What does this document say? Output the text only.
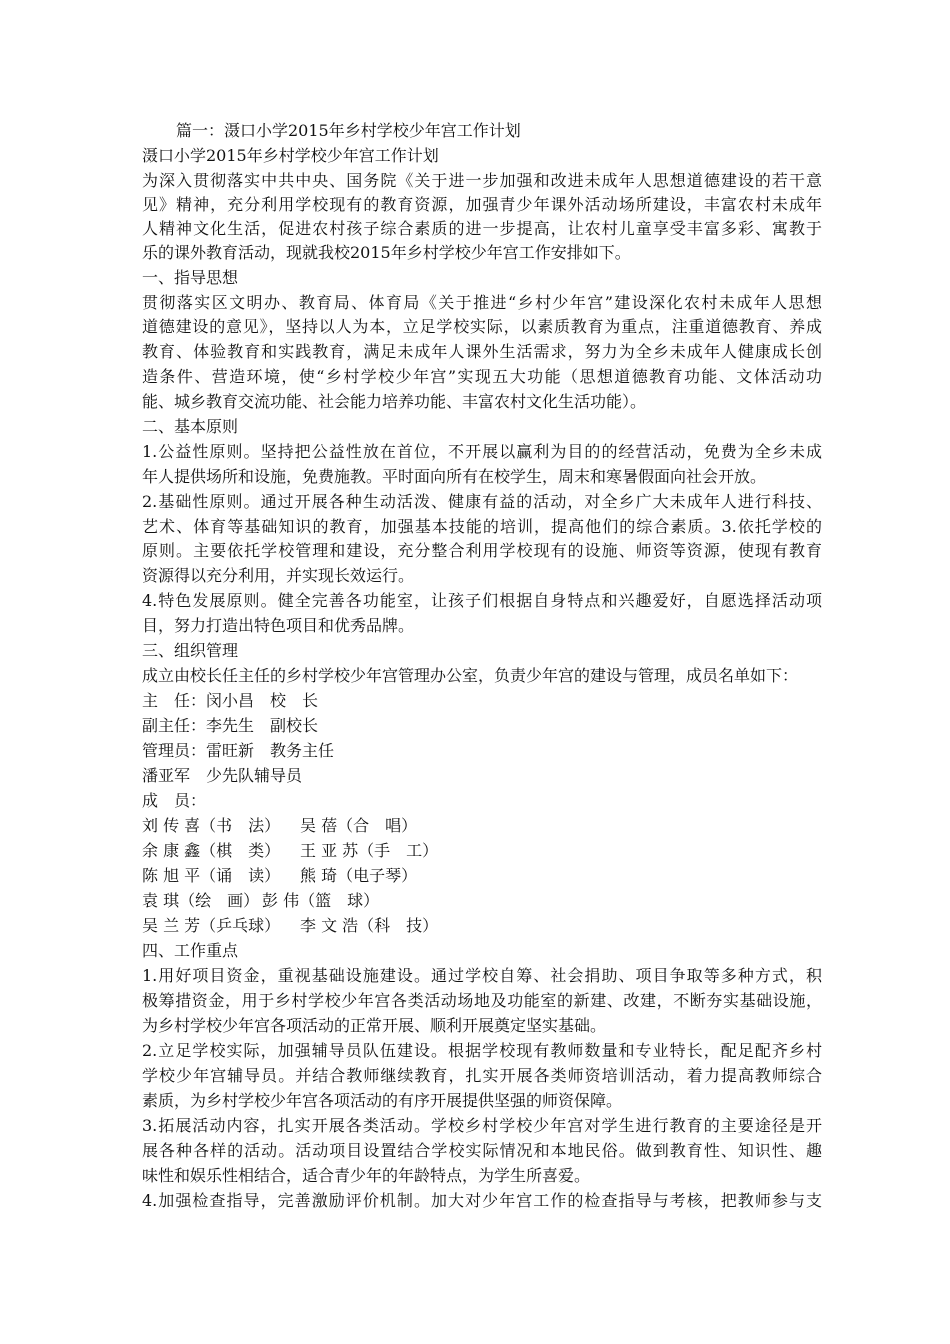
篇一：滠口小学2015年乡村学校少年宫工作计划
滠口小学2015年乡村学校少年宫工作计划
为深入贯彻落实中共中央、国务院《关于进一步加强和改进未成年人思想道德建设的若干意
见》精神，充分利用学校现有的教育资源，加强青少年课外活动场所建设，丰富农村未成年
人精神文化生活，促进农村孩子综合素质的进一步提高，让农村儿童享受丰富多彩、寓教于
乐的课外教育活动，现就我校2015年乡村学校少年宫工作安排如下。
一、指导思想
贯彻落实区文明办、教育局、体育局《关于推进“乡村少年宫”建设深化农村未成年人思想
道德建设的意见》，坚持以人为本，立足学校实际，以素质教育为重点，注重道德教育、养成
教育、体验教育和实践教育，满足未成年人课外生活需求，努力为全乡未成年人健康成长创
造条件、营造环境，使“乡村学校少年宫”实现五大功能（思想道德教育功能、文体活动功
能、城乡教育交流功能、社会能力培养功能、丰富农村文化生活功能）。
二、基本原则
1.公益性原则。坚持把公益性放在首位，不开展以赢利为目的的经营活动，免费为全乡未成
年人提供场所和设施，免费施教。平时面向所有在校学生，周末和寒暑假面向社会开放。
2.基础性原则。通过开展各种生动活泼、健康有益的活动，对全乡广大未成年人进行科技、
艺术、体育等基础知识的教育，加强基本技能的培训，提高他们的综合素质。3.依托学校的
原则。主要依托学校管理和建设，充分整合利用学校现有的设施、师资等资源，使现有教育
资源得以充分利用，并实现长效运行。
4.特色发展原则。健全完善各功能室，让孩子们根据自身特点和兴趣爱好，自愿选择活动项
目，努力打造出特色项目和优秀品牌。
三、组织管理
成立由校长任主任的乡村学校少年宫管理办公室，负责少年宫的建设与管理，成员名单如下：
主　任：闵小昌　校　长
副主任：李先生　副校长
管理员：雷旺新　教务主任
潘亚军　少先队辅导员
成　员：
刘 传 喜（书　法） 吴 蓓（合　唱）
余 康 鑫（棋　类） 王 亚 苏（手　工）
陈 旭 平（诵　读） 熊 琦（电子琴）
袁 琪（绘　画） 彭 伟（篮　球）
吴 兰 芳（乒乓球） 李 文 浩（科　技）
四、工作重点
1.用好项目资金，重视基础设施建设。通过学校自筹、社会捐助、项目争取等多种方式，积
极筹措资金，用于乡村学校少年宫各类活动场地及功能室的新建、改建，不断夯实基础设施，
为乡村学校少年宫各项活动的正常开展、顺利开展奠定坚实基础。
2.立足学校实际，加强辅导员队伍建设。根据学校现有教师数量和专业特长，配足配齐乡村
学校少年宫辅导员。并结合教师继续教育，扎实开展各类师资培训活动，着力提高教师综合
素质，为乡村学校少年宫各项活动的有序开展提供坚强的师资保障。
3.拓展活动内容，扎实开展各类活动。学校乡村学校少年宫对学生进行教育的主要途径是开
展各种各样的活动。活动项目设置结合学校实际情况和本地民俗。做到教育性、知识性、趣
味性和娱乐性相结合，适合青少年的年龄特点，为学生所喜爱。
4.加强检查指导，完善激励评价机制。加大对少年宫工作的检查指导与考核，把教师参与支
